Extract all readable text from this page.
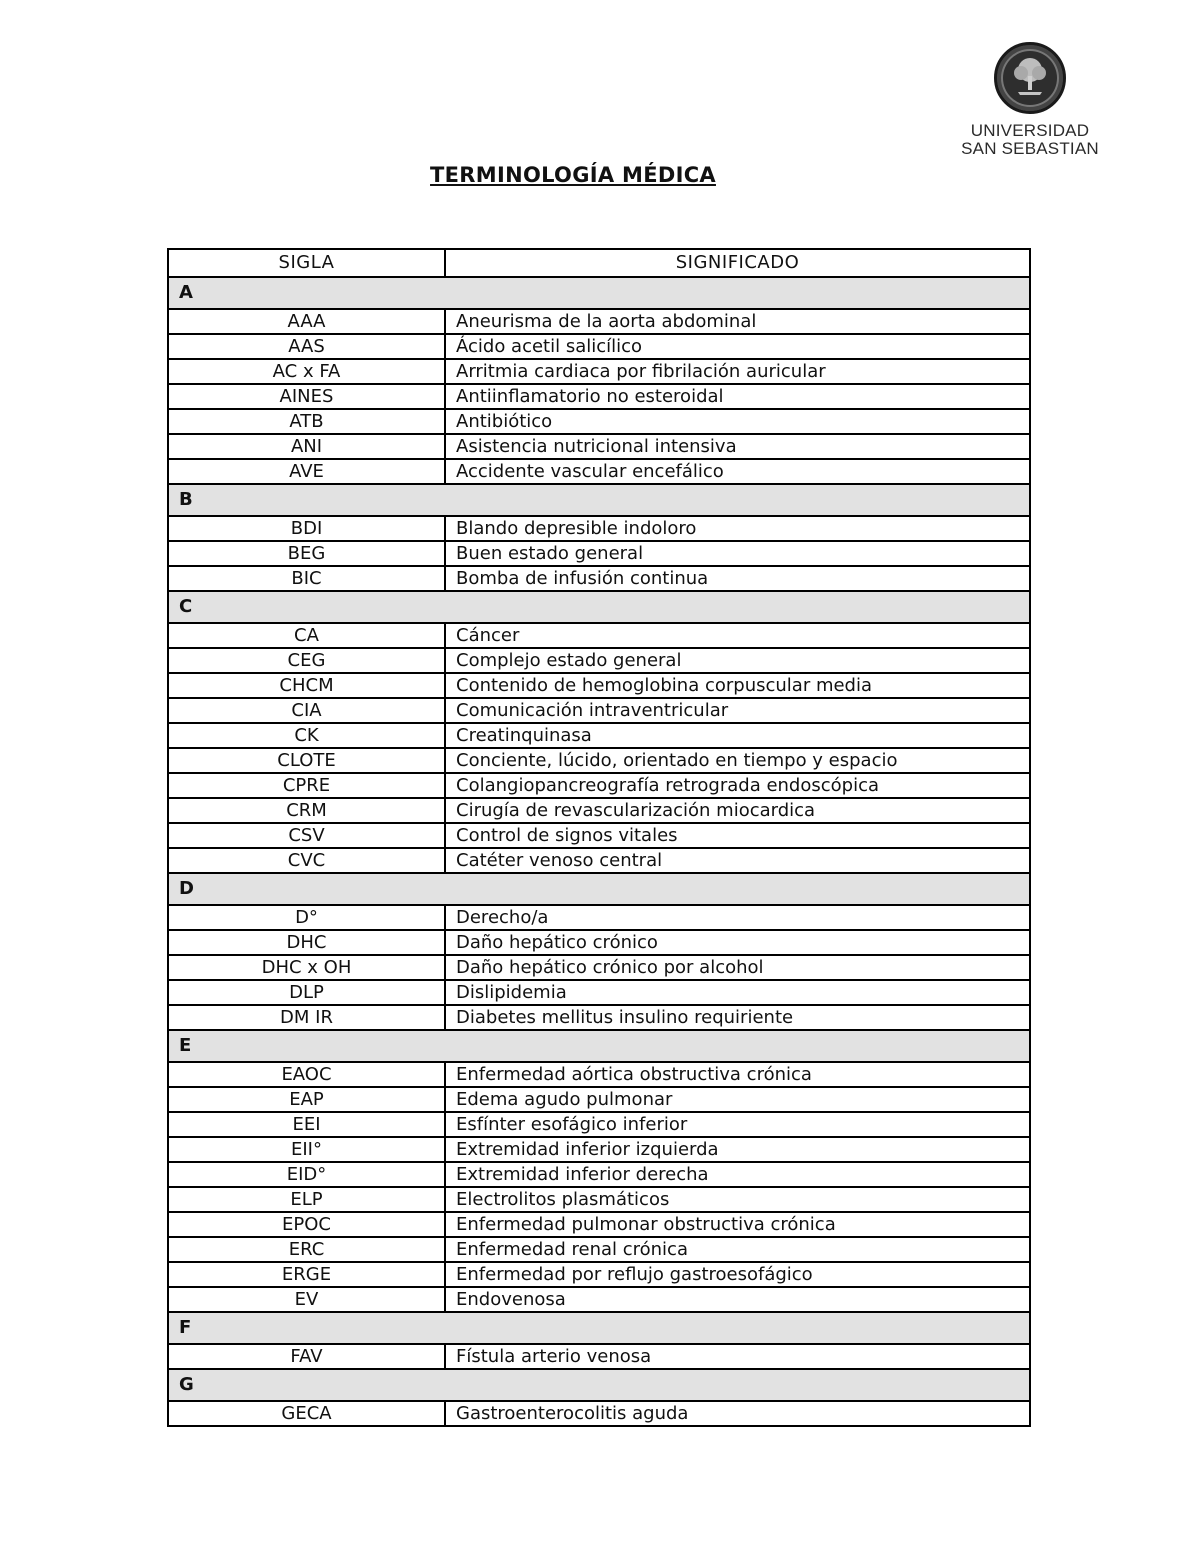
UNIVERSIDAD
SAN SEBASTIAN
TERMINOLOGÍA MÉDICA
SIGLA	SIGNIFICADO
A	
AAA	Aneurisma de la aorta abdominal
AAS	Ácido acetil salicílico
AC x FA	Arritmia cardiaca por fibrilación auricular
AINES	Antiinflamatorio no esteroidal
ATB	Antibiótico
ANI	Asistencia nutricional intensiva
AVE	Accidente vascular encefálico
B	
BDI	Blando depresible indoloro
BEG	Buen estado general
BIC	Bomba de infusión continua
C	
CA	Cáncer
CEG	Complejo estado general
CHCM	Contenido de hemoglobina corpuscular media
CIA	Comunicación intraventricular
CK	Creatinquinasa
CLOTE	Conciente, lúcido, orientado en tiempo y espacio
CPRE	Colangiopancreografía retrograda endoscópica
CRM	Cirugía de revascularización miocardica
CSV	Control de signos vitales
CVC	Catéter venoso central
D	
D°	Derecho/a
DHC	Daño hepático crónico
DHC x OH	Daño hepático crónico por alcohol
DLP	Dislipidemia
DM IR	Diabetes mellitus insulino requiriente
E	
EAOC	Enfermedad aórtica obstructiva crónica
EAP	Edema agudo pulmonar
EEI	Esfínter esofágico inferior
EII°	Extremidad inferior izquierda
EID°	Extremidad inferior derecha
ELP	Electrolitos plasmáticos
EPOC	Enfermedad pulmonar obstructiva crónica
ERC	Enfermedad renal crónica
ERGE	Enfermedad por reflujo gastroesofágico
EV	Endovenosa
F	
FAV	Fístula arterio venosa
G	
GECA	Gastroenterocolitis aguda
